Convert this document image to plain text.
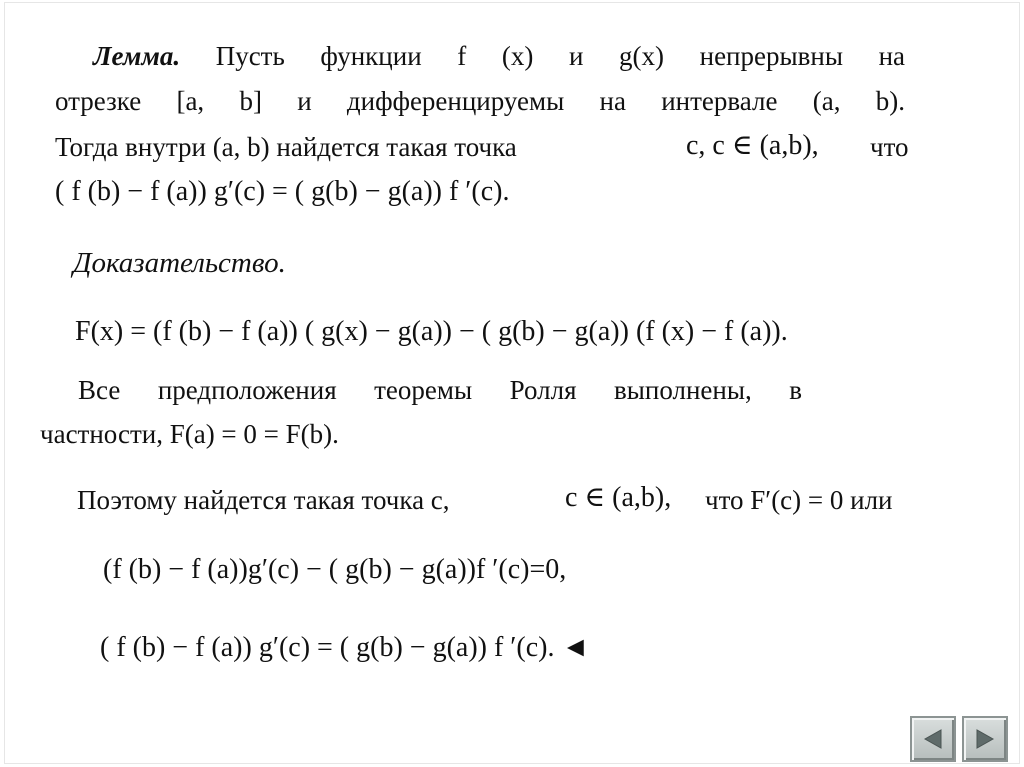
Лемма. Пусть функции f (x) и g(x) непрерывны на
отрезке [a, b] и дифференцируемы на интервале (a, b).
Тогда внутри (a, b) найдется такая точка	c, c ∈ (a,b), что
( f (b) − f (a)) g′(c) = ( g(b) − g(a)) f ′(c).
Доказательство.
F(x) = (f (b) − f (a)) ( g(x) − g(a)) − ( g(b) − g(a)) (f (x) − f (a)).
Все предположения теоремы Ролля выполнены, в
частности, F(a) = 0 = F(b).
Поэтому найдется такая точка c,	c ∈ (a,b), что F′(c) = 0 или
(f (b) − f (a))g′(c) − ( g(b) − g(a))f ′(c)=0,
( f (b) − f (a)) g′(c) = ( g(b) − g(a)) f ′(c). ◄
